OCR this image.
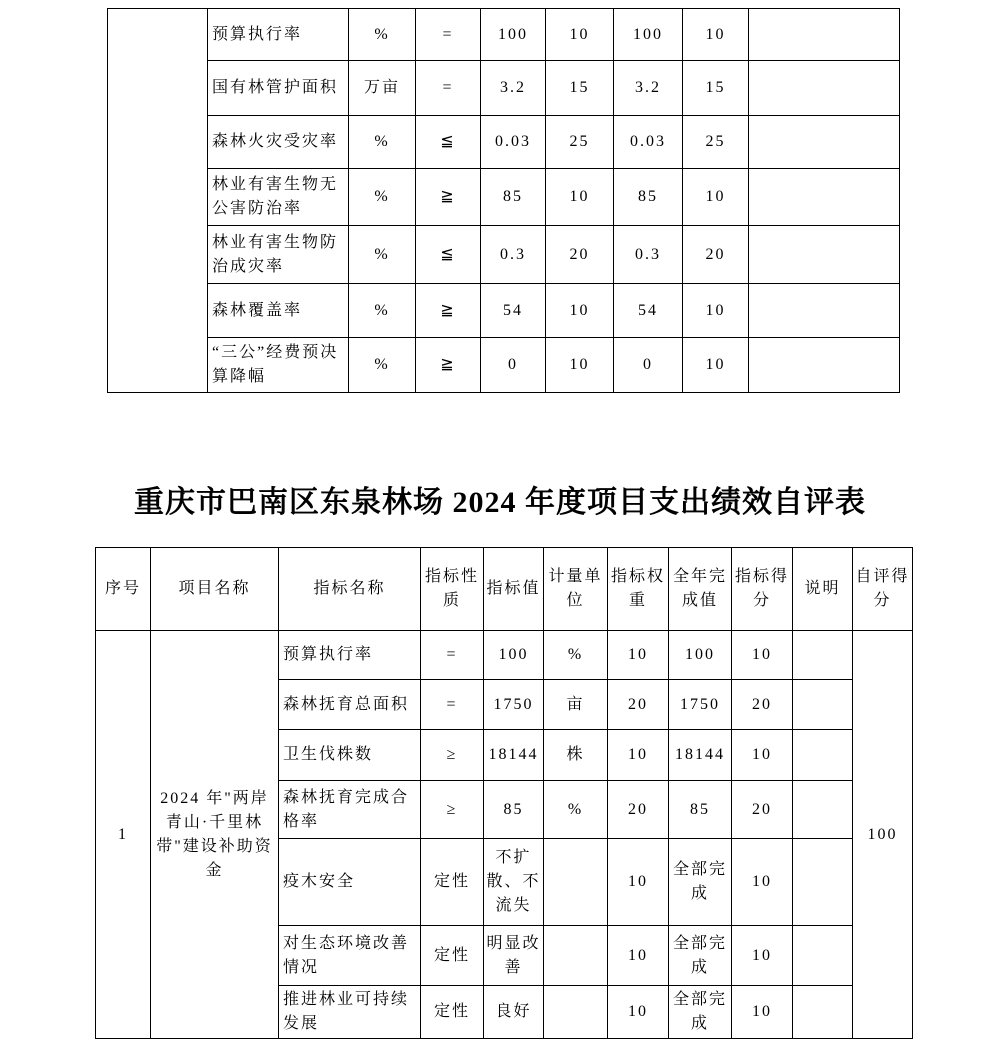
	预算执行率	%	=	100	10	100	10	
	国有林管护面积	万亩	=	3.2	15	3.2	15	
	森林火灾受灾率	%	≦	0.03	25	0.03	25	
	林业有害生物无公害防治率	%	≧	85	10	85	10	
	林业有害生物防治成灾率	%	≦	0.3	20	0.3	20	
	森林覆盖率	%	≧	54	10	54	10	
	“三公”经费预决算降幅	%	≧	0	10	0	10	
重庆市巴南区东泉林场 2024 年度项目支出绩效自评表
序号	项目名称	指标名称	指标性质	指标值	计量单位	指标权重	全年完成值	指标得分	说明	自评得分
1	2024 年"两岸青山·千里林带"建设补助资金	预算执行率	=	100	%	10	100	10		100
		森林抚育总面积	=	1750	亩	20	1750	20		
		卫生伐株数	≥	18144	株	10	18144	10		
		森林抚育完成合格率	≥	85	%	20	85	20		
		疫木安全	定性	不扩散、不流失		10	全部完成	10		
		对生态环境改善情况	定性	明显改善		10	全部完成	10		
		推进林业可持续发展	定性	良好		10	全部完成	10		
